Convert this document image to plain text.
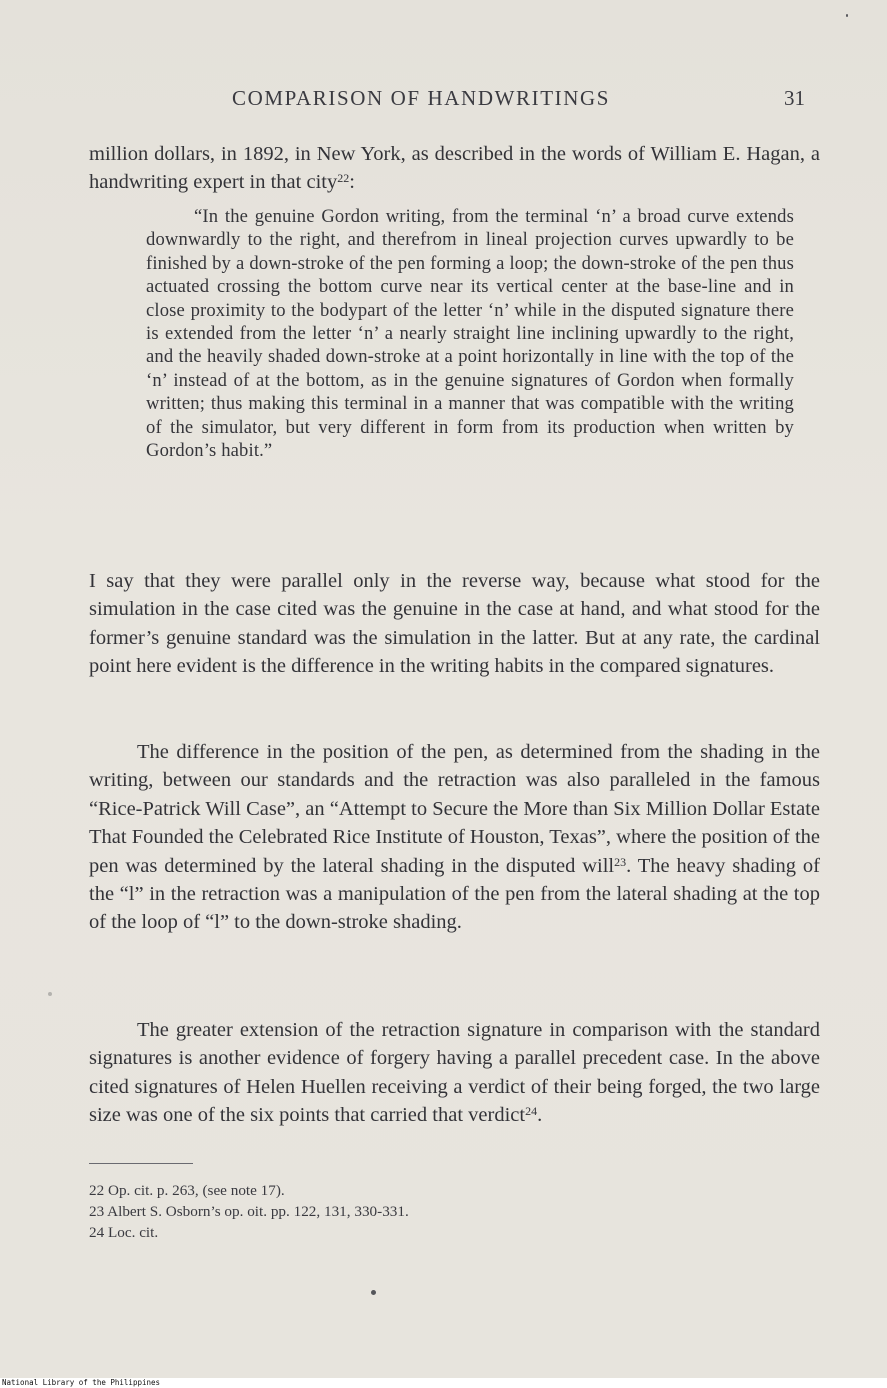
COMPARISON OF HANDWRITINGS	31
million dollars, in 1892, in New York, as described in the words of William E. Hagan, a handwriting expert in that city$^{22}$:
“In the genuine Gordon writing, from the terminal ‘n’ a broad curve extends downwardly to the right, and therefrom in lineal projection curves upwardly to be finished by a down-stroke of the pen forming a loop; the down-stroke of the pen thus actuated crossing the bottom curve near its vertical center at the base-line and in close proximity to the bodypart of the letter ‘n’ while in the disputed signature there is extended from the letter ‘n’ a nearly straight line inclining upwardly to the right, and the heavily shaded down-stroke at a point horizontally in line with the top of the ‘n’ instead of at the bottom, as in the genuine signatures of Gordon when formally written; thus making this terminal in a manner that was compatible with the writing of the simulator, but very different in form from its production when written by Gordon’s habit.”
I say that they were parallel only in the reverse way, because what stood for the simulation in the case cited was the genuine in the case at hand, and what stood for the former’s genuine standard was the simulation in the latter. But at any rate, the cardinal point here evident is the difference in the writing habits in the compared signatures.
The difference in the position of the pen, as determined from the shading in the writing, between our standards and the retraction was also paralleled in the famous “Rice-Patrick Will Case”, an “Attempt to Secure the More than Six Million Dollar Estate That Founded the Celebrated Rice Institute of Houston, Texas”, where the position of the pen was determined by the lateral shading in the disputed will$^{23}$. The heavy shading of the “l” in the retraction was a manipulation of the pen from the lateral shading at the top of the loop of “l” to the down-stroke shading.
The greater extension of the retraction signature in comparison with the standard signatures is another evidence of forgery having a parallel precedent case. In the above cited signatures of Helen Huellen receiving a verdict of their being forged, the two large size was one of the six points that carried that verdict$^{24}$.
22 Op. cit. p. 263, (see note 17).
23 Albert S. Osborn’s op. oit. pp. 122, 131, 330-331.
24 Loc. cit.
National Library of the Philippines
